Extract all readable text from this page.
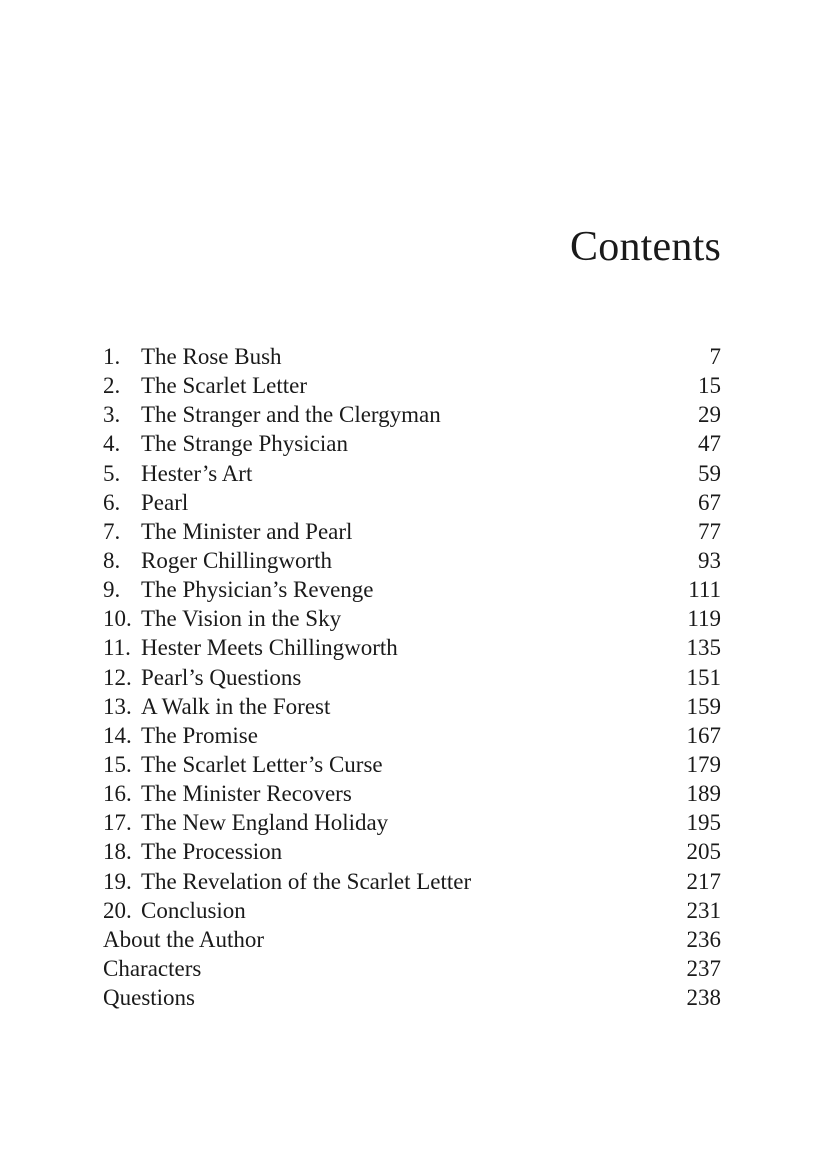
Contents
1. The Rose Bush	7
2. The Scarlet Letter	15
3. The Stranger and the Clergyman	29
4. The Strange Physician	47
5. Hester’s Art	59
6. Pearl	67
7. The Minister and Pearl	77
8. Roger Chillingworth	93
9. The Physician’s Revenge	111
10. The Vision in the Sky	119
11. Hester Meets Chillingworth	135
12. Pearl’s Questions	151
13. A Walk in the Forest	159
14. The Promise	167
15. The Scarlet Letter’s Curse	179
16. The Minister Recovers	189
17. The New England Holiday	195
18. The Procession	205
19. The Revelation of the Scarlet Letter	217
20. Conclusion	231
About the Author	236
Characters	237
Questions	238
